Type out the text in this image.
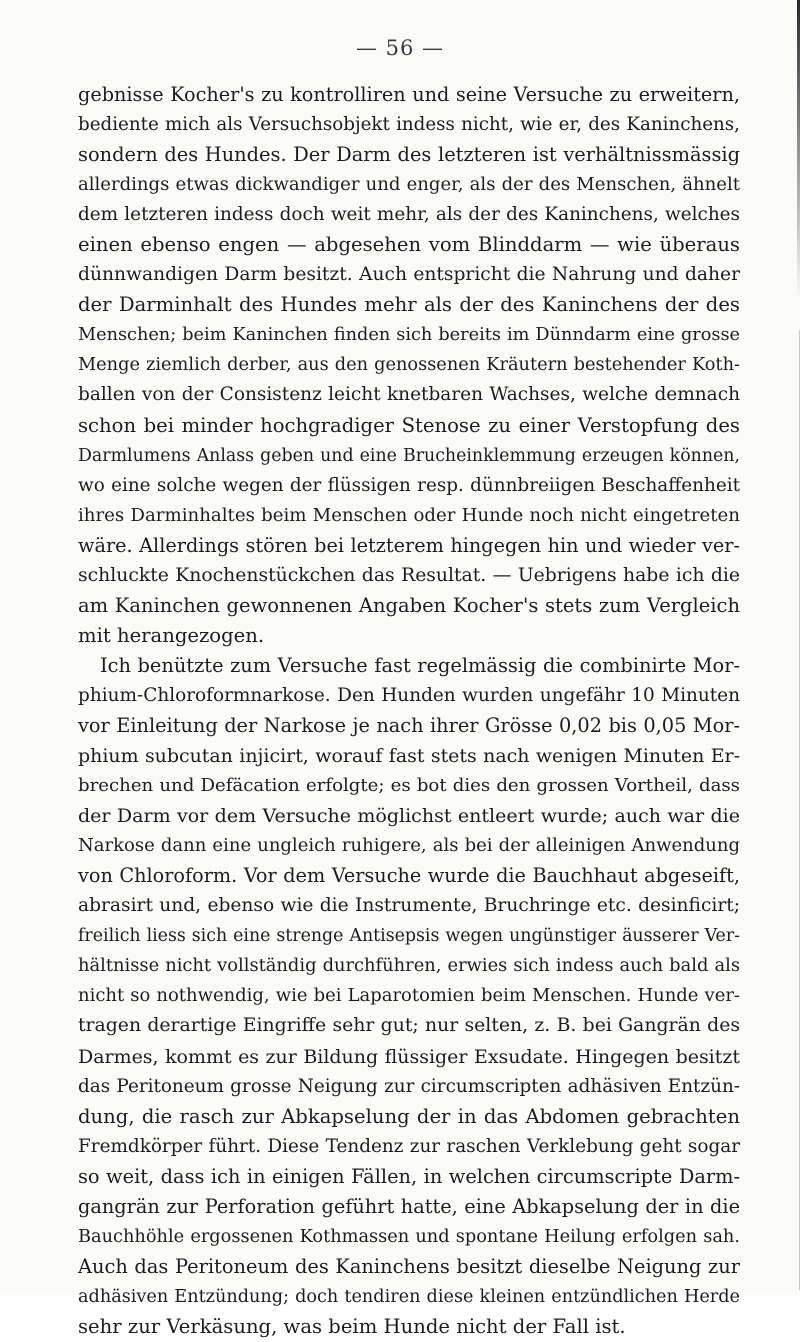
— 56 —
gebnisse Kocher's zu kontrolliren und seine Versuche zu erweitern,
bediente mich als Versuchsobjekt indess nicht, wie er, des Kaninchens,
sondern des Hundes. Der Darm des letzteren ist verhältnissmässig
allerdings etwas dickwandiger und enger, als der des Menschen, ähnelt
dem letzteren indess doch weit mehr, als der des Kaninchens, welches
einen ebenso engen — abgesehen vom Blinddarm — wie überaus
dünnwandigen Darm besitzt. Auch entspricht die Nahrung und daher
der Darminhalt des Hundes mehr als der des Kaninchens der des
Menschen; beim Kaninchen finden sich bereits im Dünndarm eine grosse
Menge ziemlich derber, aus den genossenen Kräutern bestehender Koth-
ballen von der Consistenz leicht knetbaren Wachses, welche demnach
schon bei minder hochgradiger Stenose zu einer Verstopfung des
Darmlumens Anlass geben und eine Brucheinklemmung erzeugen können,
wo eine solche wegen der flüssigen resp. dünnbreiigen Beschaffenheit
ihres Darminhaltes beim Menschen oder Hunde noch nicht eingetreten
wäre. Allerdings stören bei letzterem hingegen hin und wieder ver-
schluckte Knochenstückchen das Resultat. — Uebrigens habe ich die
am Kaninchen gewonnenen Angaben Kocher's stets zum Vergleich
mit herangezogen.
Ich benützte zum Versuche fast regelmässig die combinirte Mor-
phium-Chloroformnarkose. Den Hunden wurden ungefähr 10 Minuten
vor Einleitung der Narkose je nach ihrer Grösse 0,02 bis 0,05 Mor-
phium subcutan injicirt, worauf fast stets nach wenigen Minuten Er-
brechen und Defäcation erfolgte; es bot dies den grossen Vortheil, dass
der Darm vor dem Versuche möglichst entleert wurde; auch war die
Narkose dann eine ungleich ruhigere, als bei der alleinigen Anwendung
von Chloroform. Vor dem Versuche wurde die Bauchhaut abgeseift,
abrasirt und, ebenso wie die Instrumente, Bruchringe etc. desinficirt;
freilich liess sich eine strenge Antisepsis wegen ungünstiger äusserer Ver-
hältnisse nicht vollständig durchführen, erwies sich indess auch bald als
nicht so nothwendig, wie bei Laparotomien beim Menschen. Hunde ver-
tragen derartige Eingriffe sehr gut; nur selten, z. B. bei Gangrän des
Darmes, kommt es zur Bildung flüssiger Exsudate. Hingegen besitzt
das Peritoneum grosse Neigung zur circumscripten adhäsiven Entzün-
dung, die rasch zur Abkapselung der in das Abdomen gebrachten
Fremdkörper führt. Diese Tendenz zur raschen Verklebung geht sogar
so weit, dass ich in einigen Fällen, in welchen circumscripte Darm-
gangrän zur Perforation geführt hatte, eine Abkapselung der in die
Bauchhöhle ergossenen Kothmassen und spontane Heilung erfolgen sah.
Auch das Peritoneum des Kaninchens besitzt dieselbe Neigung zur
adhäsiven Entzündung; doch tendiren diese kleinen entzündlichen Herde
sehr zur Verkäsung, was beim Hunde nicht der Fall ist.
